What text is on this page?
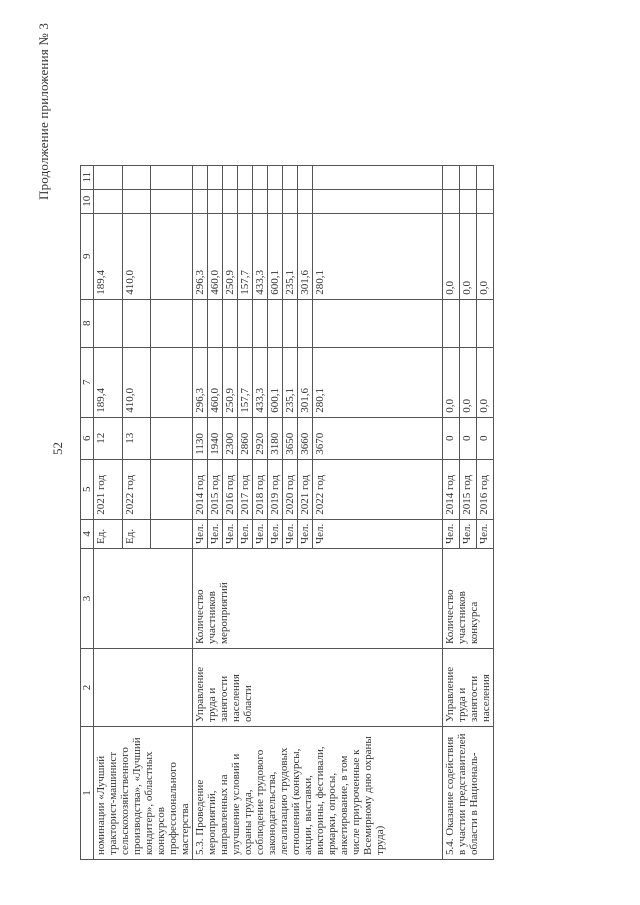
Продолжение приложения № 3
52
1	2	3	4	5	6	7	8	9	10	11
номинации «Лучший тракторист-машинист сельскохозяйственного производства», «Лучший кондитер», областных конкурсов профессионального мастерства			Ед.	2021 год	12	189,4		189,4		
			Ед.	2022 год	13	410,0		410,0		

5.3. Проведение мероприятий, направленных на улучшение условий и охраны труда, соблюдение трудового законодательства, легализацию трудовых отношений (конкурсы, акции, выставки, викторины, фестивали, ярмарки, опросы, анкетирование, в том числе приуроченные к Всемирному дню охраны труда)	Управление труда и занятости населения области	Количество участников мероприятий	Чел.	2014 год	1130	296,3		296,3		
			Чел.	2015 год	1940	460,0		460,0		
			Чел.	2016 год	2300	250,9		250,9		
			Чел.	2017 год	2860	157,7		157,7		
			Чел.	2018 год	2920	433,3		433,3		
			Чел.	2019 год	3180	600,1		600,1		
			Чел.	2020 год	3650	235,1		235,1		
			Чел.	2021 год	3660	301,6		301,6		
			Чел.	2022 год	3670	280,1		280,1		
5.4. Оказание содействия в участии представителей области в Националь-	Управление труда и занятости населения	Количество участников конкурса	Чел.	2014 год	0	0,0		0,0		
			Чел.	2015 год	0	0,0		0,0		
			Чел.	2016 год	0	0,0		0,0		
